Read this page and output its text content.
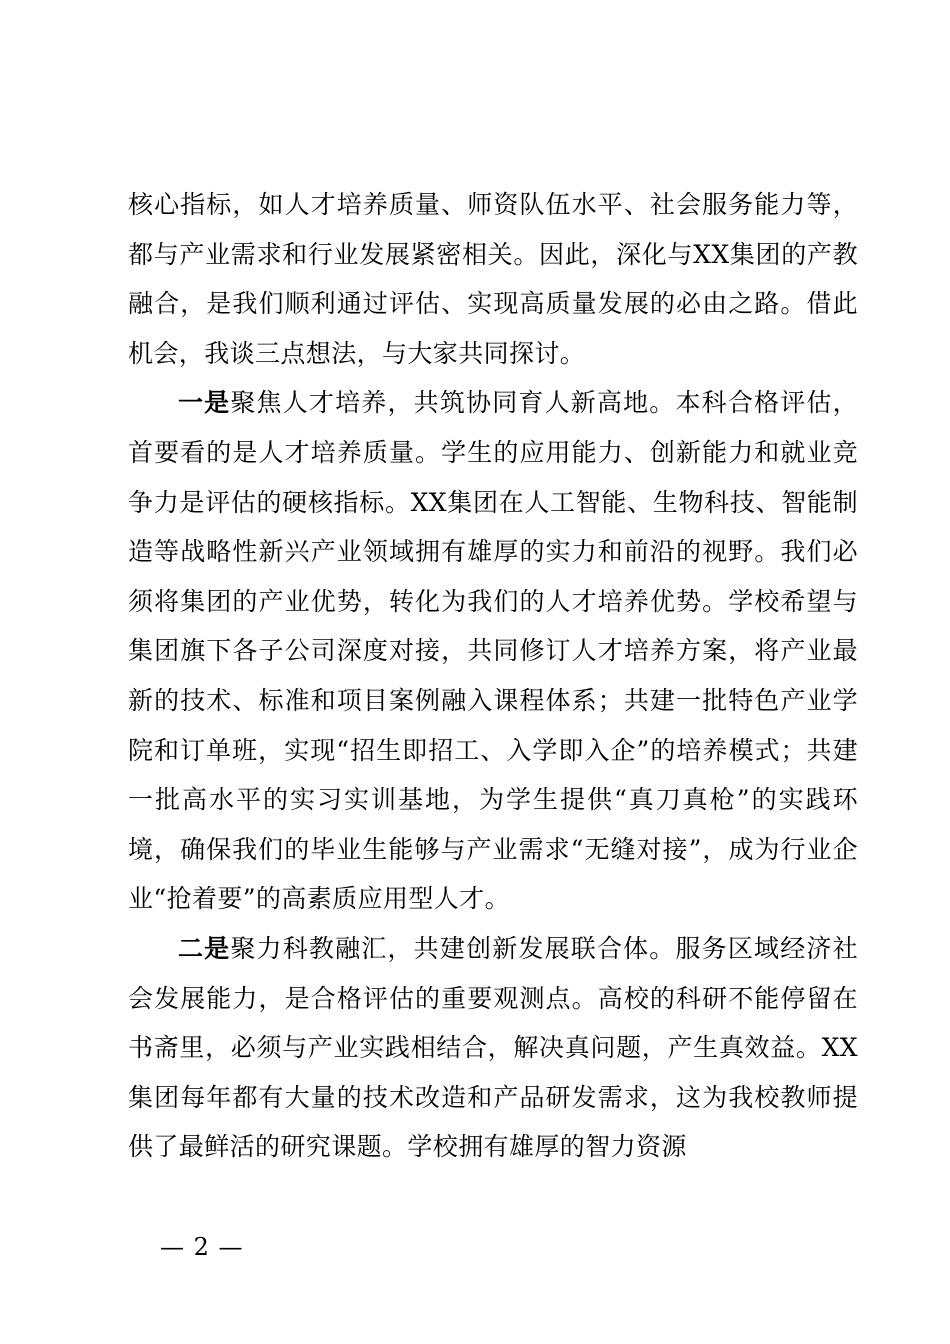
核心指标，如人才培养质量、师资队伍水平、社会服务能力等，都与产业需求和行业发展紧密相关。因此，深化与XX集团的产教融合，是我们顺利通过评估、实现高质量发展的必由之路。借此机会，我谈三点想法，与大家共同探讨。

一是聚焦人才培养，共筑协同育人新高地。本科合格评估，首要看的是人才培养质量。学生的应用能力、创新能力和就业竞争力是评估的硬核指标。XX集团在人工智能、生物科技、智能制造等战略性新兴产业领域拥有雄厚的实力和前沿的视野。我们必须将集团的产业优势，转化为我们的人才培养优势。学校希望与集团旗下各子公司深度对接，共同修订人才培养方案，将产业最新的技术、标准和项目案例融入课程体系；共建一批特色产业学院和订单班，实现“招生即招工、入学即入企”的培养模式；共建一批高水平的实习实训基地，为学生提供“真刀真枪”的实践环境，确保我们的毕业生能够与产业需求“无缝对接”，成为行业企业“抢着要”的高素质应用型人才。

二是聚力科教融汇，共建创新发展联合体。服务区域经济社会发展能力，是合格评估的重要观测点。高校的科研不能停留在书斋里，必须与产业实践相结合，解决真问题，产生真效益。XX集团每年都有大量的技术改造和产品研发需求，这为我校教师提供了最鲜活的研究课题。学校拥有雄厚的智力资源

— 2 —
